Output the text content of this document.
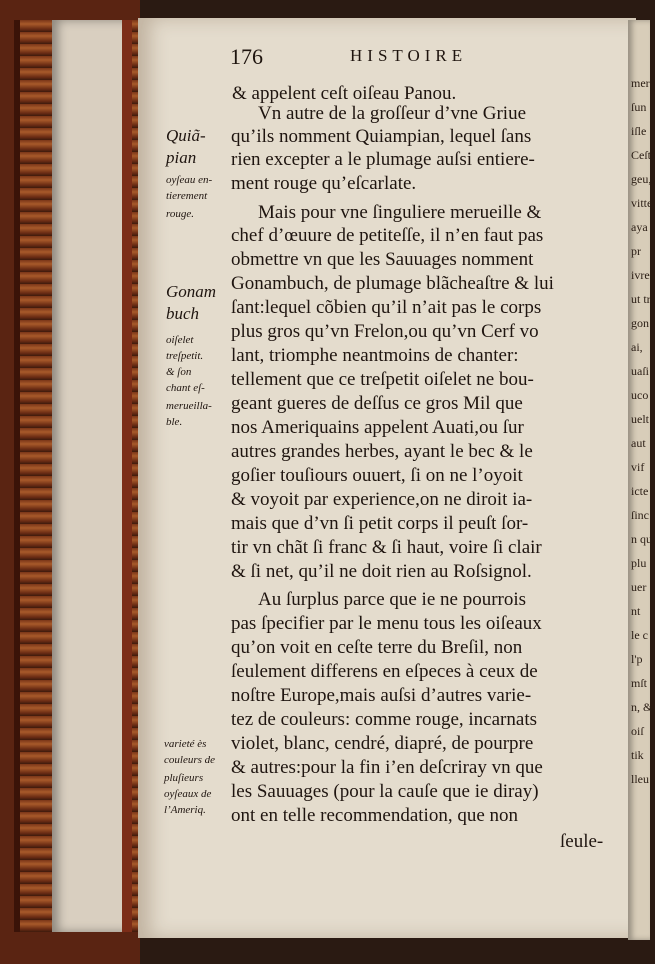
176	HISTOIRE
& appelent ceſt oiſeau Panou.
Vn autre de la groſſeur d’vne Griue
qu’ils nomment Quiampian, lequel ſans
rien excepter a le plumage auſsi entiere-
ment rouge qu’eſcarlate.
Mais pour vne ſinguliere merueille &
chef d’œuure de petiteſſe, il n’en faut pas
obmettre vn que les Sauuages nomment
Gonambuch, de plumage blãcheaſtre & lui
ſant:lequel cõbien qu’il n’ait pas le corps
plus gros qu’vn Frelon,ou qu’vn Cerf vo
lant, triomphe neantmoins de chanter:
tellement que ce treſpetit oiſelet ne bou-
geant gueres de deſſus ce gros Mil que
nos Ameriquains appelent Auati,ou ſur
autres grandes herbes, ayant le bec & le
goſier touſiours ouuert, ſi on ne l’oyoit
& voyoit par experience,on ne diroit ia-
mais que d’vn ſi petit corps il peuſt ſor-
tir vn chãt ſi franc & ſi haut, voire ſi clair
& ſi net, qu’il ne doit rien au Roſsignol.
Au ſurplus parce que ie ne pourrois
pas ſpecifier par le menu tous les oiſeaux
qu’on voit en ceſte terre du Breſil, non
ſeulement differens en eſpeces à ceux de
noſtre Europe,mais auſsi d’autres varie-
tez de couleurs: comme rouge, incarnats
violet, blanc, cendré, diapré, de pourpre
& autres:pour la fin i’en deſcriray vn que
les Sauuages (pour la cauſe que ie diray)
ont en telle recommendation, que non
ſeule-
Quiã-
pian
oyſeau en-
tierement
rouge.
Gonam
buch
oiſelet
treſpetit.
& ſon
chant eſ-
merueilla-
ble.
varieté ès
couleurs de
pluſieurs
oyſeaux de
l’Ameriq.
mer
ſun
iſle
Ceſt
geu,
vitte,
aya
pr
ivres
ut tr
gon
ai,
uaſi
uco
uelt
aut
vif
icte
ſinc
n qu
plu
uer
nt
le c
l'p
mſt
n, &
oiſ
tik
lleu
